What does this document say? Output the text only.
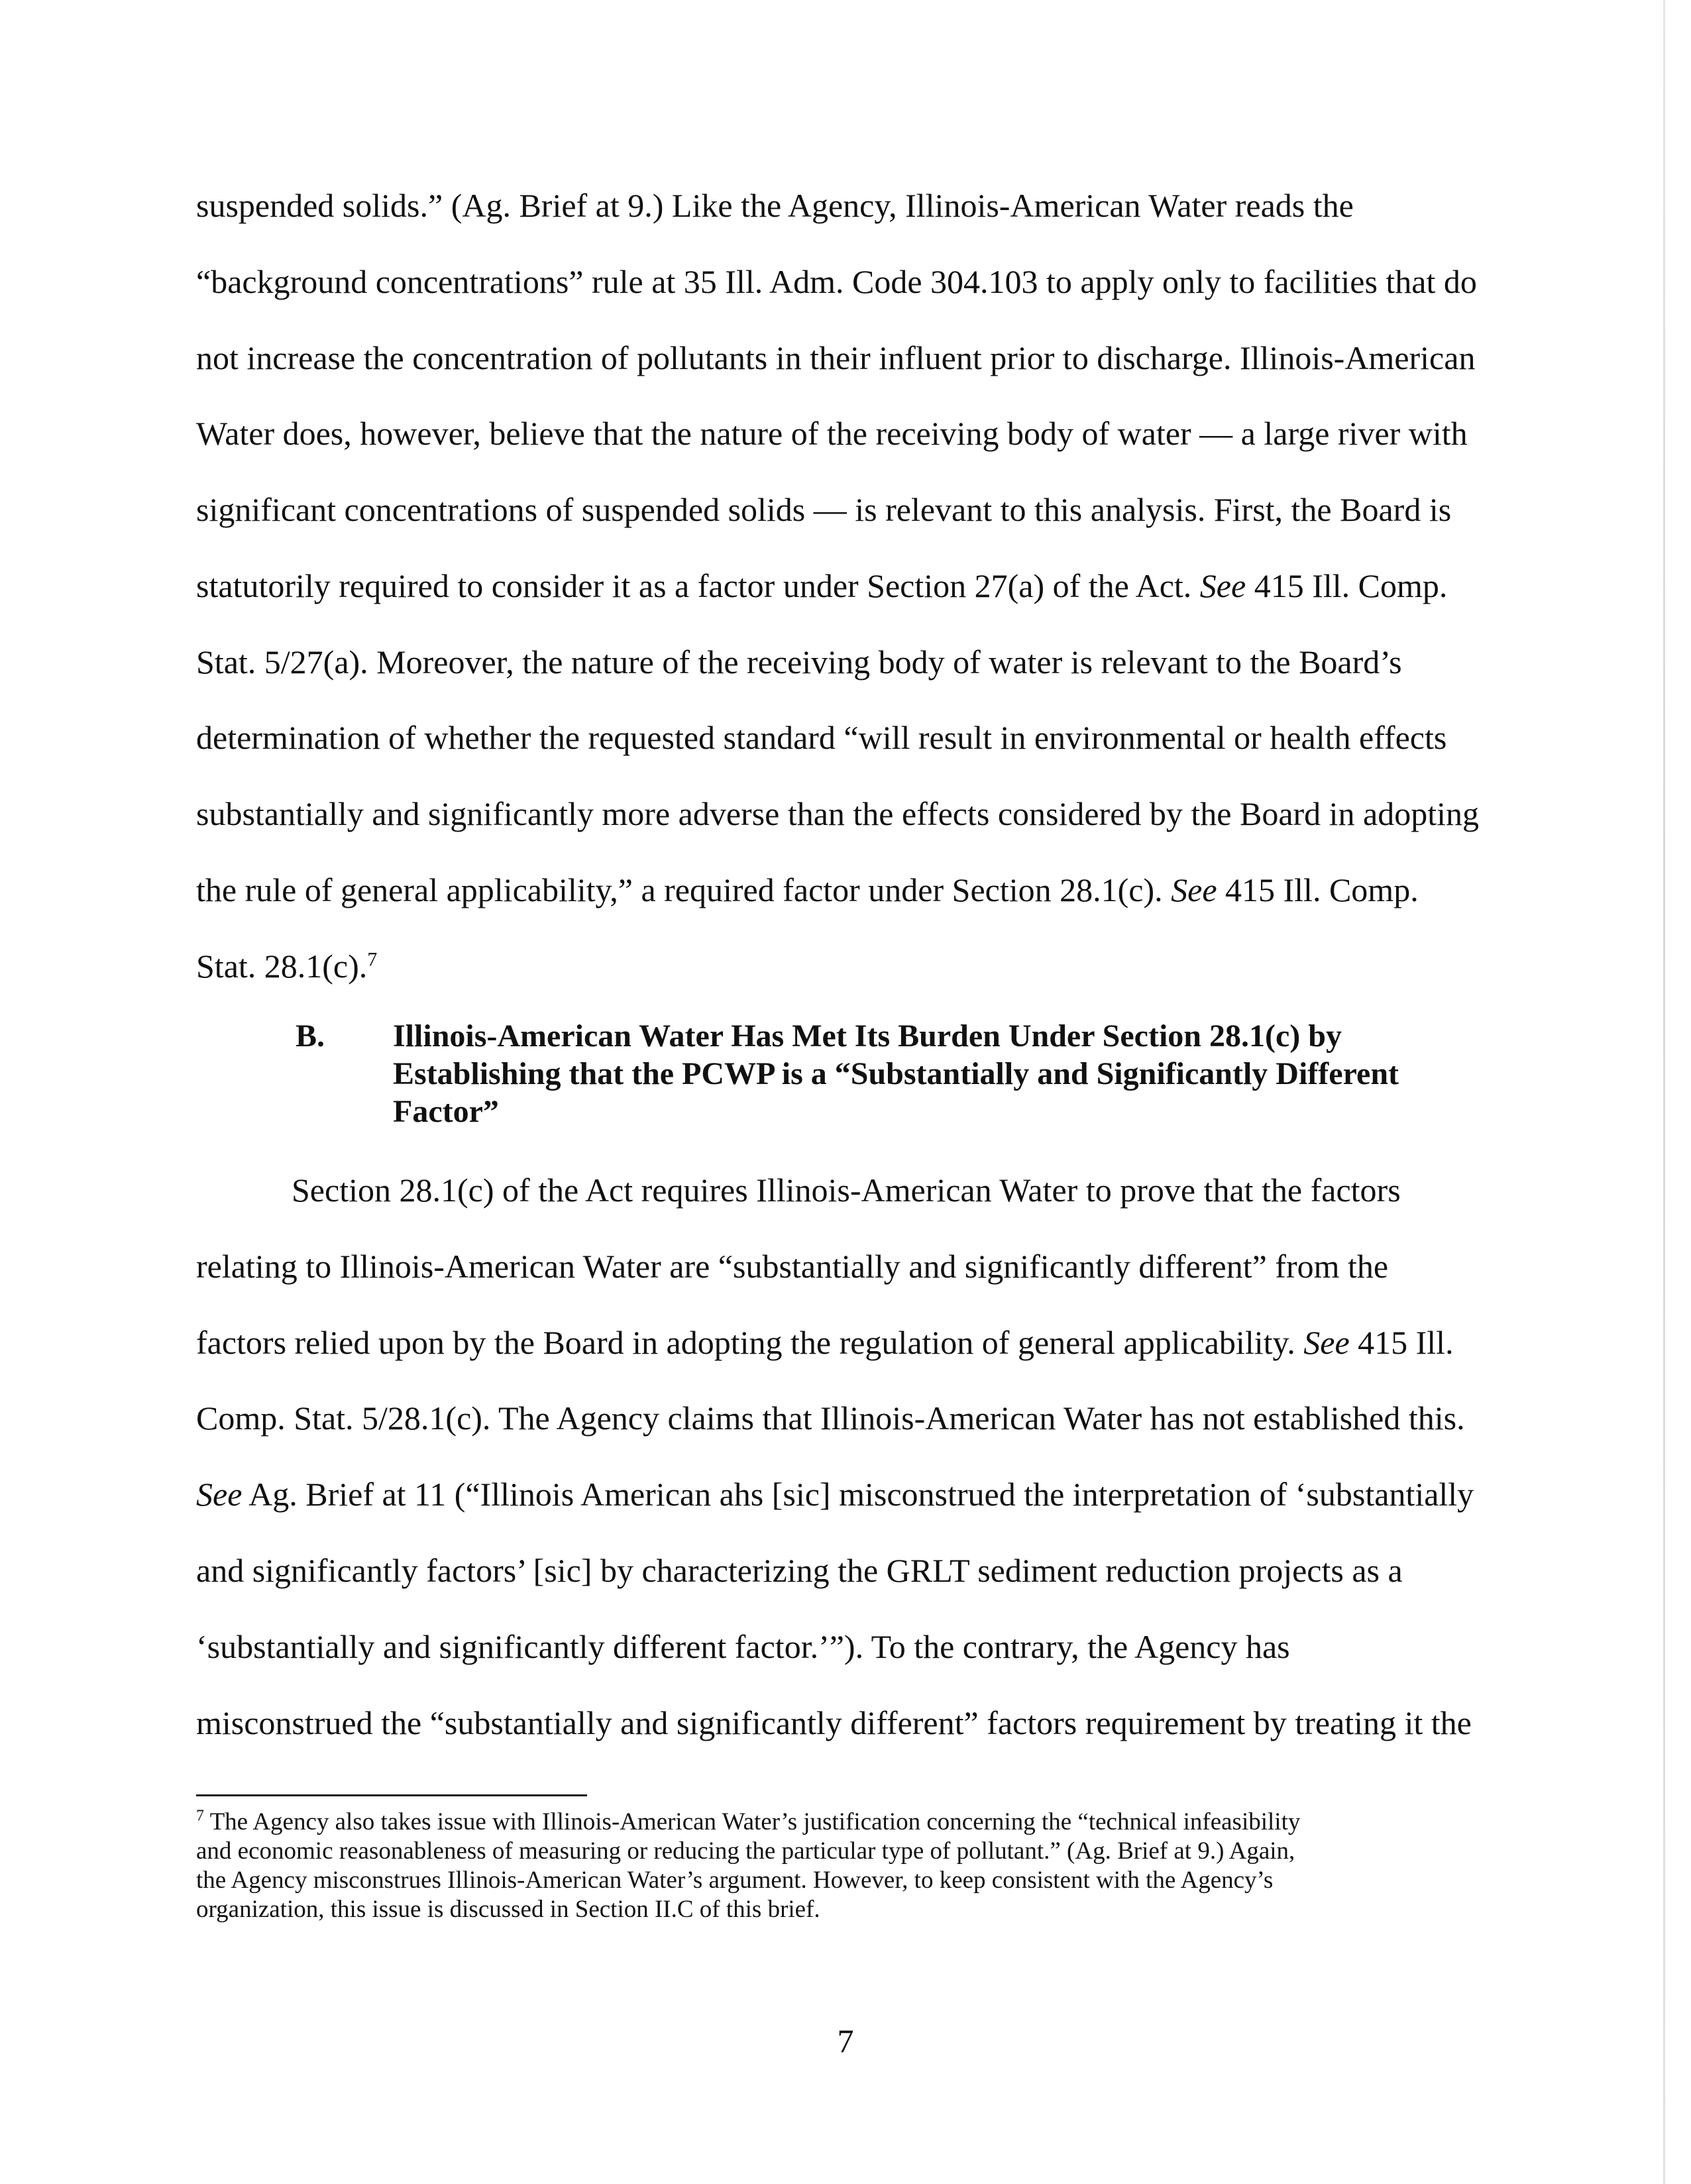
suspended solids.” (Ag. Brief at 9.) Like the Agency, Illinois-American Water reads the
“background concentrations” rule at 35 Ill. Adm. Code 304.103 to apply only to facilities that do
not increase the concentration of pollutants in their influent prior to discharge. Illinois-American
Water does, however, believe that the nature of the receiving body of water — a large river with
significant concentrations of suspended solids — is relevant to this analysis. First, the Board is
statutorily required to consider it as a factor under Section 27(a) of the Act. See 415 Ill. Comp.
Stat. 5/27(a). Moreover, the nature of the receiving body of water is relevant to the Board’s
determination of whether the requested standard “will result in environmental or health effects
substantially and significantly more adverse than the effects considered by the Board in adopting
the rule of general applicability,” a required factor under Section 28.1(c). See 415 Ill. Comp.
Stat. 28.1(c).$^7$
B. Illinois-American Water Has Met Its Burden Under Section 28.1(c) by
Establishing that the PCWP is a “Substantially and Significantly Different
Factor”
Section 28.1(c) of the Act requires Illinois-American Water to prove that the factors
relating to Illinois-American Water are “substantially and significantly different” from the
factors relied upon by the Board in adopting the regulation of general applicability. See 415 Ill.
Comp. Stat. 5/28.1(c). The Agency claims that Illinois-American Water has not established this.
See Ag. Brief at 11 (“Illinois American ahs [sic] misconstrued the interpretation of ‘substantially
and significantly factors’ [sic] by characterizing the GRLT sediment reduction projects as a
‘substantially and significantly different factor.’”). To the contrary, the Agency has
misconstrued the “substantially and significantly different” factors requirement by treating it the
$^7$ The Agency also takes issue with Illinois-American Water’s justification concerning the “technical infeasibility
and economic reasonableness of measuring or reducing the particular type of pollutant.” (Ag. Brief at 9.) Again,
the Agency misconstrues Illinois-American Water’s argument. However, to keep consistent with the Agency’s
organization, this issue is discussed in Section II.C of this brief.
7
